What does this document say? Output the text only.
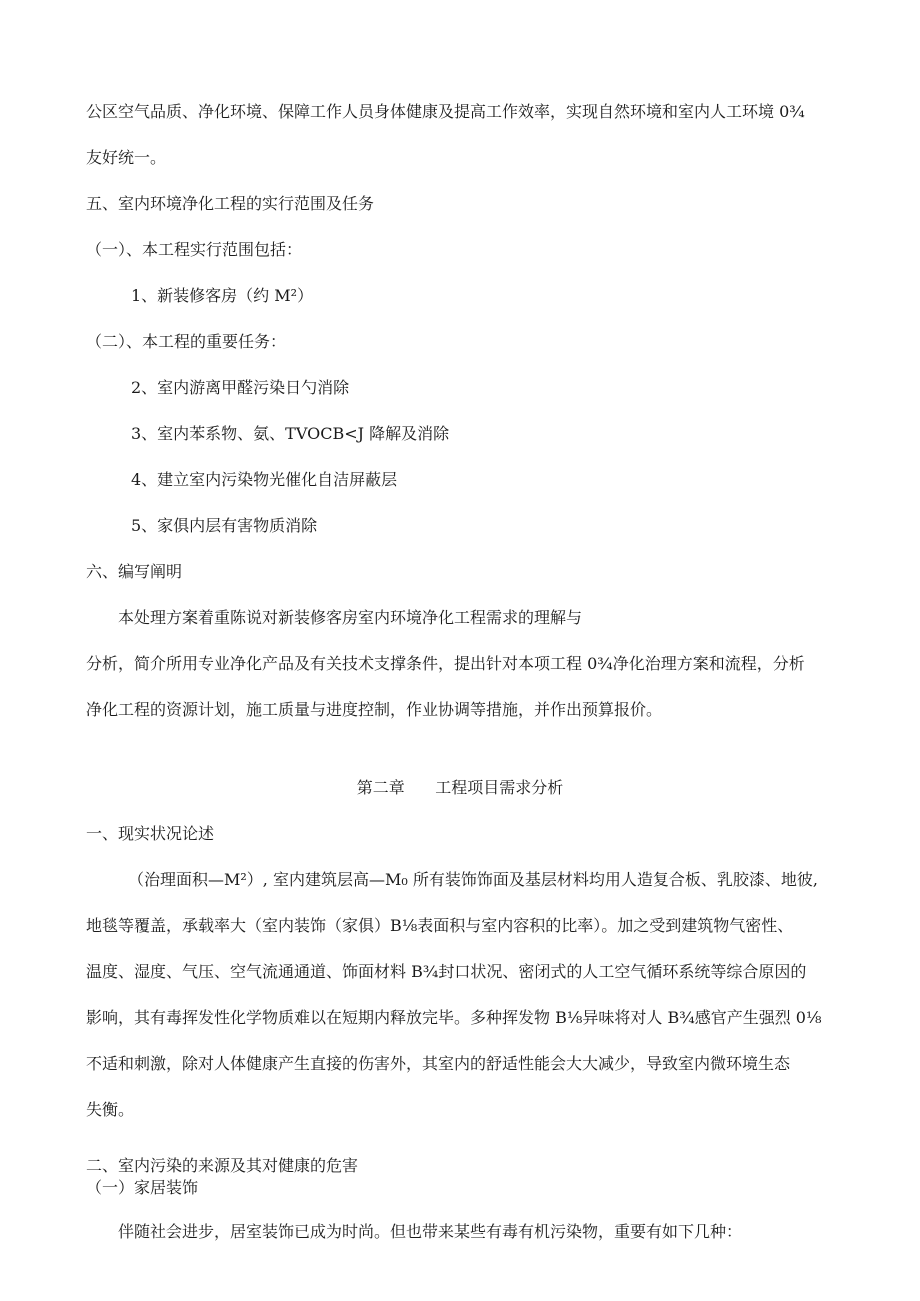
公区空气品质、净化环境、保障工作人员身体健康及提高工作效率，实现自然环境和室内人工环境 0¾
友好统一。
五、室内环境净化工程的实行范围及任务
（一）、本工程实行范围包括：
1、新装修客房（约 M²）
（二）、本工程的重要任务：
2、室内游离甲醛污染日勺消除
3、室内苯系物、氨、TVOCB<J 降解及消除
4、建立室内污染物光催化自洁屏蔽层
5、家俱内层有害物质消除
六、编写阐明
本处理方案着重陈说对新装修客房室内环境净化工程需求的理解与
分析，简介所用专业净化产品及有关技术支撑条件，提出针对本项工程 0¾净化治理方案和流程，分析
净化工程的资源计划，施工质量与进度控制，作业协调等措施，并作出预算报价。
第二章      工程项目需求分析
一、现实状况论述
（治理面积—M²）, 室内建筑层高—M₀ 所有装饰饰面及基层材料均用人造复合板、乳胶漆、地彼,
地毯等覆盖，承载率大（室内装饰（家俱）B⅛表面积与室内容积的比率）。加之受到建筑物气密性、
温度、湿度、气压、空气流通通道、饰面材料 B¾封口状况、密闭式的人工空气循环系统等综合原因的
影响，其有毒挥发性化学物质难以在短期内释放完毕。多种挥发物 B⅛异味将对人 B¾感官产生强烈 0⅛
不适和刺激，除对人体健康产生直接的伤害外，其室内的舒适性能会大大减少，导致室内微环境生态
失衡。
二、室内污染的来源及其对健康的危害
（一）家居装饰
伴随社会进步，居室装饰已成为时尚。但也带来某些有毒有机污染物，重要有如下几种：
